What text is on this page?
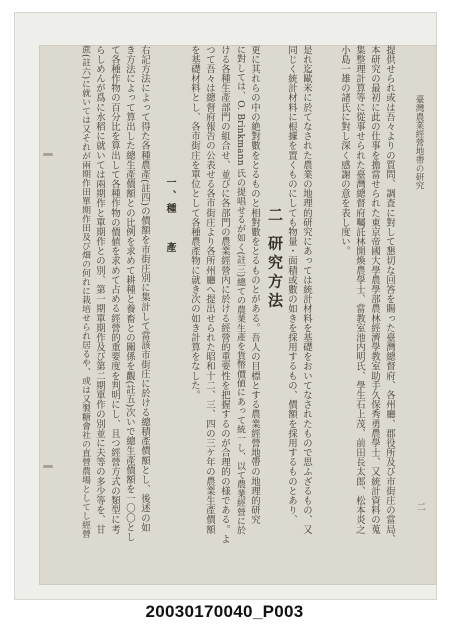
臺灣農業經營地帶の研究
二
提供せられ或は吾々よりの質問、調査に對して懇切な回答を賜った臺灣總督府、各州廳、郡役所及び市街庄の當局、
本研究の最初に此の仕事を擔當せられた東京帝國大學農學部農林經濟學教室助手久保秀勇農學士、又統計資料の蒐
集整理計算等に從事せられた臺灣總督府囑託林開煥農學士、當教室池内明氏、學生石上茂、前田長太郎、松本炎之
小島一雄の諸氏に對し深く感謝の意を表し度い。
二 研究方法 是れ迄歐米に於てなされた農業の地理的研究にあっては統計材料を基礎をおいてなされたもので思ふざるもの、又
同じく統計材料に根據を置くものにしても物量・面積或數の如きを採用するもの、價額を採用するものとあり、
更に其れらの中の絶對數をとるものと相對數をとるものとがある。吾人の目標とする農業經營地帶の地理的研究
に對しては、O. Brinkmann 氏の提唱せるが如く(註三)總ての農業生產を貨幣價値にあって統一し、以て農業經營に於
ける各種生產部門の組合せ、並びに各部門の農業經營内に於ける經營的重要性を把握するのが合理的の様である。よ
つて吾々は總督府報告の公表せる各市街庄より各所州廳へ提出せられた昭和十二、三、四の三ケ年の農業生產價額
を基礎材料とし、各市街庄を單位として各種農產物に就き次の如き計算をなした。
一、種　　產
右記方法によって得た各種農產(註四)の價額を市街庄別に集計して當該市街庄に於ける總積產價額とし、後述の如
き方法によって算出した總生產價額との比例を求めて耕種と養畜との關係を觀(註五)次いで總生產價額を一〇〇とし
て各種作物の百分比を算出して各種作物の價値を求めて占める經營的重要度を判明にし、且つ經營方式の類型に考
らしめんが爲に水稻に就いては兩期作と單期作との別、第一期單期作及び第二期單作の別並に夫等の多少等を、甘
蔗(註六)に就いては又それが兩期作田單期作田及び畑の何れに栽培せられ居るや、或は又製糖會社の直營農場としてし經營
20030170040_P003
